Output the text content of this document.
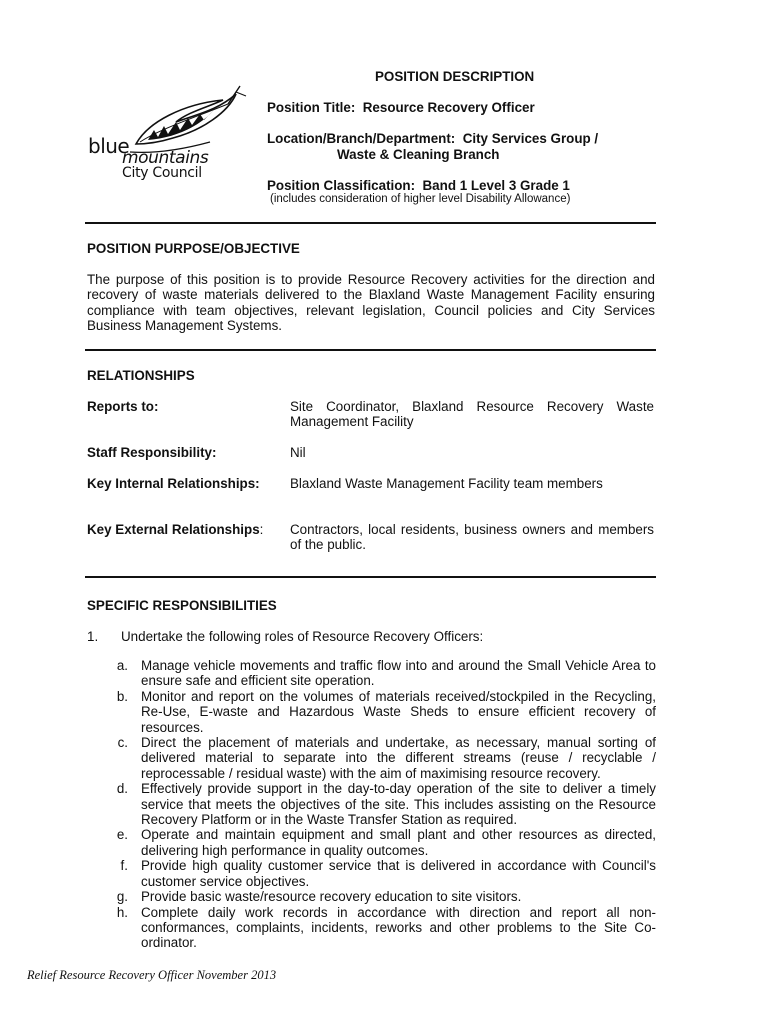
blue
mountains
City Council
POSITION DESCRIPTION
Position Title: Resource Recovery Officer
Location/Branch/Department: City Services Group /
Waste & Cleaning Branch
Position Classification: Band 1 Level 3 Grade 1
(includes consideration of higher level Disability Allowance)
POSITION PURPOSE/OBJECTIVE
The purpose of this position is to provide Resource Recovery activities for the direction and recovery of waste materials delivered to the Blaxland Waste Management Facility ensuring compliance with team objectives, relevant legislation, Council policies and City Services Business Management Systems.
RELATIONSHIPS
Reports to:	Site Coordinator, Blaxland Resource Recovery Waste Management Facility
Staff Responsibility:	Nil
Key Internal Relationships: Blaxland Waste Management Facility team members
Key External Relationships: Contractors, local residents, business owners and members of the public.
SPECIFIC RESPONSIBILITIES
1. Undertake the following roles of Resource Recovery Officers:
a. Manage vehicle movements and traffic flow into and around the Small Vehicle Area to ensure safe and efficient site operation.
b. Monitor and report on the volumes of materials received/stockpiled in the Recycling, Re-Use, E-waste and Hazardous Waste Sheds to ensure efficient recovery of resources.
c. Direct the placement of materials and undertake, as necessary, manual sorting of delivered material to separate into the different streams (reuse / recyclable / reprocessable / residual waste) with the aim of maximising resource recovery.
d. Effectively provide support in the day-to-day operation of the site to deliver a timely service that meets the objectives of the site. This includes assisting on the Resource Recovery Platform or in the Waste Transfer Station as required.
e. Operate and maintain equipment and small plant and other resources as directed, delivering high performance in quality outcomes.
f. Provide high quality customer service that is delivered in accordance with Council's customer service objectives.
g. Provide basic waste/resource recovery education to site visitors.
h. Complete daily work records in accordance with direction and report all non-conformances, complaints, incidents, reworks and other problems to the Site Co-ordinator.
Relief Resource Recovery Officer November 2013
